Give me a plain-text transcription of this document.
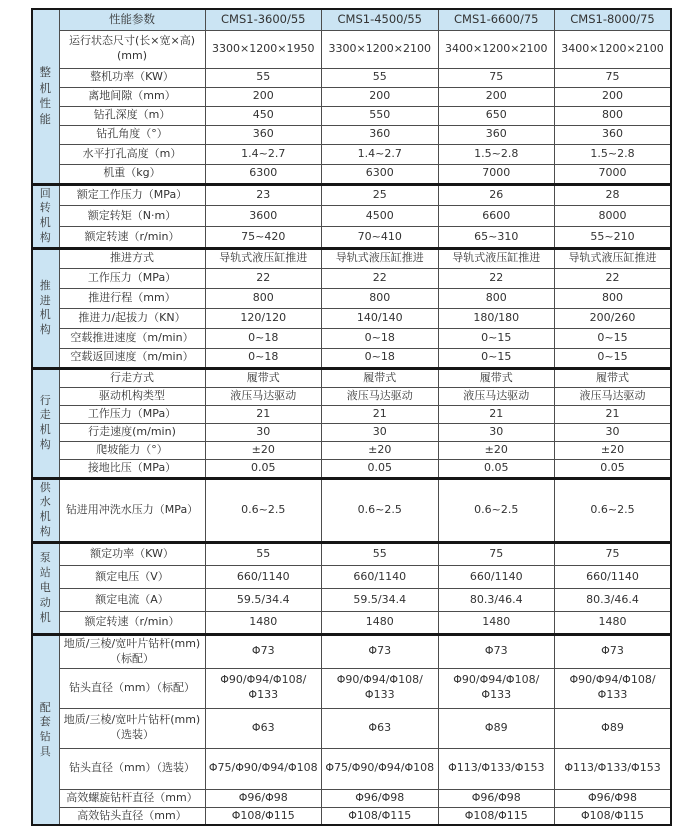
整机性能	性能参数	CMS1-3600/55	CMS1-4500/55	CMS1-6600/75	CMS1-8000/75
	运行状态尺寸(长×宽×高)(mm)	3300×1200×1950	3300×1200×2100	3400×1200×2100	3400×1200×2100
	整机功率（KW）	55	55	75	75
	离地间隙（mm）	200	200	200	200
	钻孔深度（m）	450	550	650	800
	钻孔角度（°）	360	360	360	360
	水平打孔高度（m）	1.4~2.7	1.4~2.7	1.5~2.8	1.5~2.8
	机重（kg）	6300	6300	7000	7000
回转机构	额定工作压力（MPa）	23	25	26	28
	额定转矩（N·m）	3600	4500	6600	8000
	额定转速（r/min）	75~420	70~410	65~310	55~210
推进机构	推进方式	导轨式液压缸推进	导轨式液压缸推进	导轨式液压缸推进	导轨式液压缸推进
	工作压力（MPa）	22	22	22	22
	推进行程（mm）	800	800	800	800
	推进力/起拔力（KN）	120/120	140/140	180/180	200/260
	空载推进速度（m/min）	0~18	0~18	0~15	0~15
	空载返回速度（m/min）	0~18	0~18	0~15	0~15
行走机构	行走方式	履带式	履带式	履带式	履带式
	驱动机构类型	液压马达驱动	液压马达驱动	液压马达驱动	液压马达驱动
	工作压力（MPa）	21	21	21	21
	行走速度(m/min)	30	30	30	30
	爬坡能力（°）	±20	±20	±20	±20
	接地比压（MPa）	0.05	0.05	0.05	0.05
供水机构	钻进用冲洗水压力（MPa）	0.6~2.5	0.6~2.5	0.6~2.5	0.6~2.5
泵站电动机	额定功率（KW）	55	55	75	75
	额定电压（V）	660/1140	660/1140	660/1140	660/1140
	额定电流（A）	59.5/34.4	59.5/34.4	80.3/46.4	80.3/46.4
	额定转速（r/min）	1480	1480	1480	1480
配套钻具	地质/三棱/宽叶片钻杆(mm)（标配）	Φ73	Φ73	Φ73	Φ73
	钻头直径（mm）（标配）	Φ90/Φ94/Φ108/Φ133	Φ90/Φ94/Φ108/Φ133	Φ90/Φ94/Φ108/Φ133	Φ90/Φ94/Φ108/Φ133
	地质/三棱/宽叶片钻杆(mm)（选装）	Φ63	Φ63	Φ89	Φ89
	钻头直径（mm）（选装）	Φ75/Φ90/Φ94/Φ108	Φ75/Φ90/Φ94/Φ108	Φ113/Φ133/Φ153	Φ113/Φ133/Φ153
	高效螺旋钻杆直径（mm）	Φ96/Φ98	Φ96/Φ98	Φ96/Φ98	Φ96/Φ98
	高效钻头直径（mm）	Φ108/Φ115	Φ108/Φ115	Φ108/Φ115	Φ108/Φ115
